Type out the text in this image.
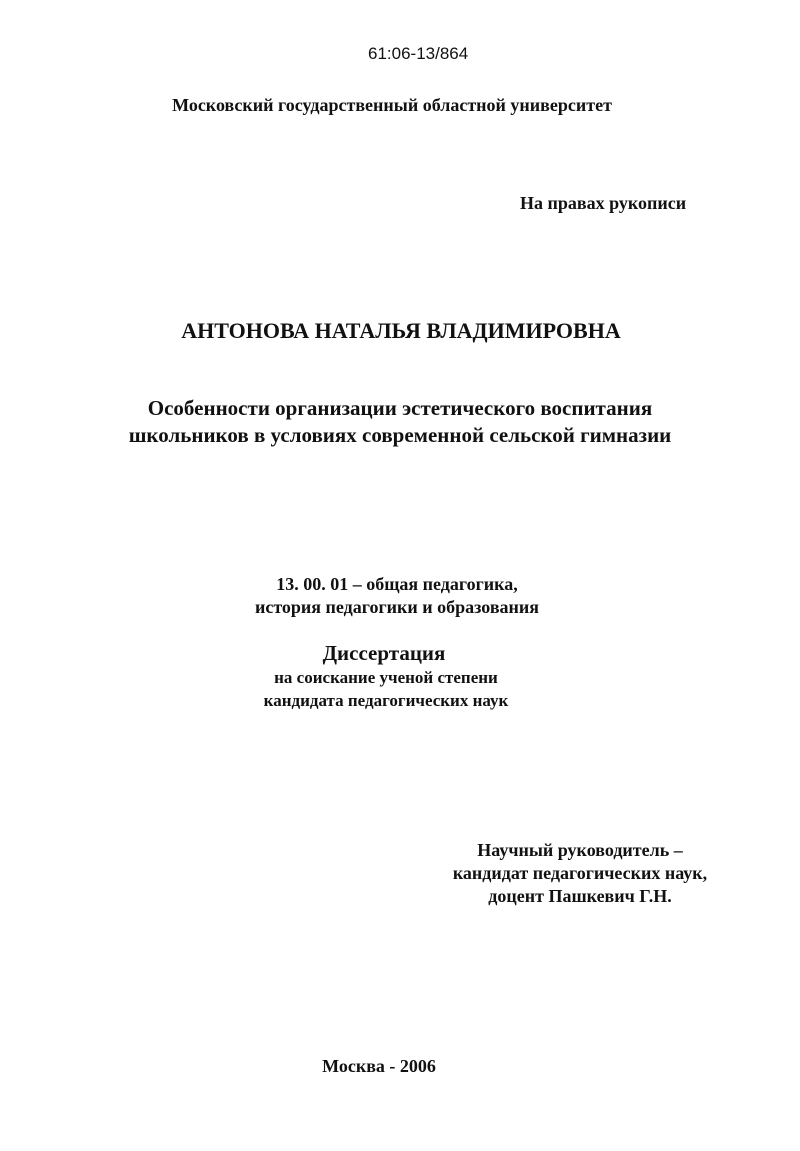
61:06-13/864
Московский государственный областной университет
На правах рукописи
АНТОНОВА НАТАЛЬЯ ВЛАДИМИРОВНА
Особенности организации эстетического воспитания
школьников в условиях современной сельской гимназии
13. 00. 01 – общая педагогика,
история педагогики и образования
Диссертация
на соискание ученой степени
кандидата педагогических наук
Научный руководитель –
кандидат педагогических наук,
доцент Пашкевич Г.Н.
Москва - 2006
